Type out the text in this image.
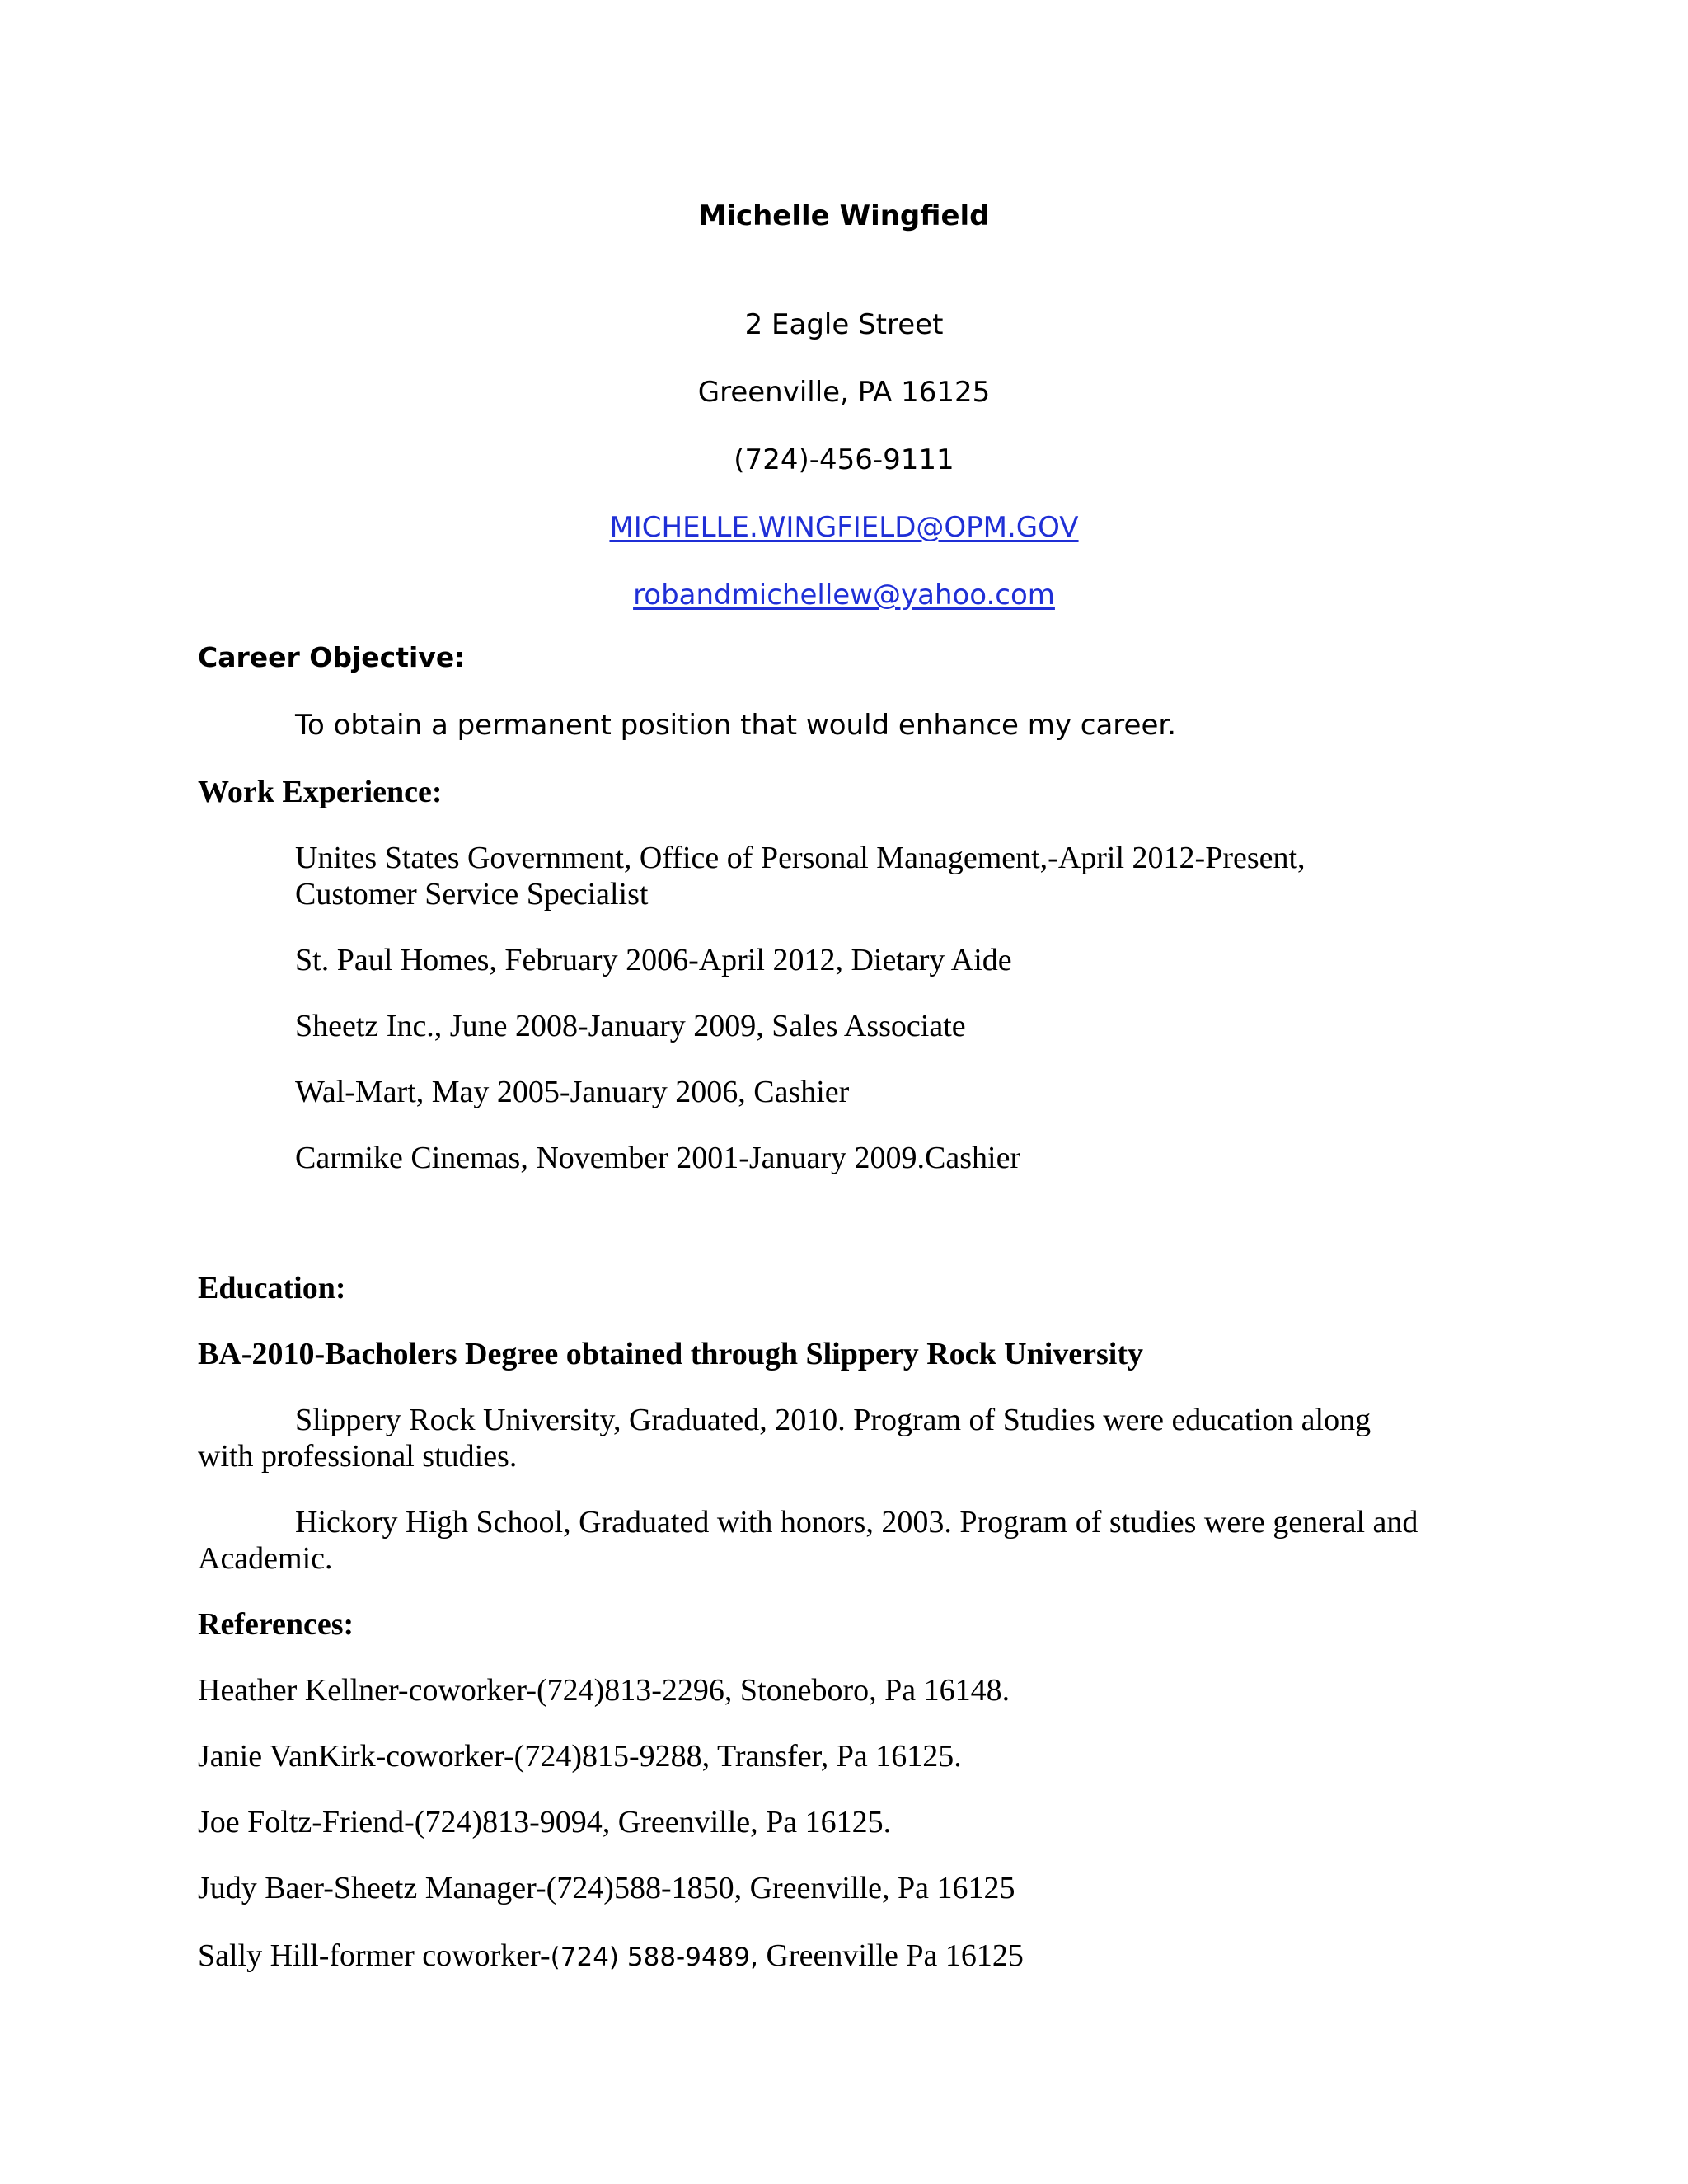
Michelle Wingfield
2 Eagle Street
Greenville, PA 16125
(724)-456-9111
MICHELLE.WINGFIELD@OPM.GOV
robandmichellew@yahoo.com
Career Objective:
To obtain a permanent position that would enhance my career.
Work Experience:
Unites States Government, Office of Personal Management,-April 2012-Present,
Customer Service Specialist
St. Paul Homes, February 2006-April 2012, Dietary Aide
Sheetz Inc., June 2008-January 2009, Sales Associate
Wal-Mart, May 2005-January 2006, Cashier
Carmike Cinemas, November 2001-January 2009.Cashier
Education:
BA-2010-Bacholers Degree obtained through Slippery Rock University
Slippery Rock University, Graduated, 2010. Program of Studies were education along
with professional studies.
Hickory High School, Graduated with honors, 2003. Program of studies were general and
Academic.
References:
Heather Kellner-coworker-(724)813-2296, Stoneboro, Pa 16148.
Janie VanKirk-coworker-(724)815-9288, Transfer, Pa 16125.
Joe Foltz-Friend-(724)813-9094, Greenville, Pa 16125.
Judy Baer-Sheetz Manager-(724)588-1850, Greenville, Pa 16125
Sally Hill-former coworker-(724) 588-9489, Greenville Pa 16125
